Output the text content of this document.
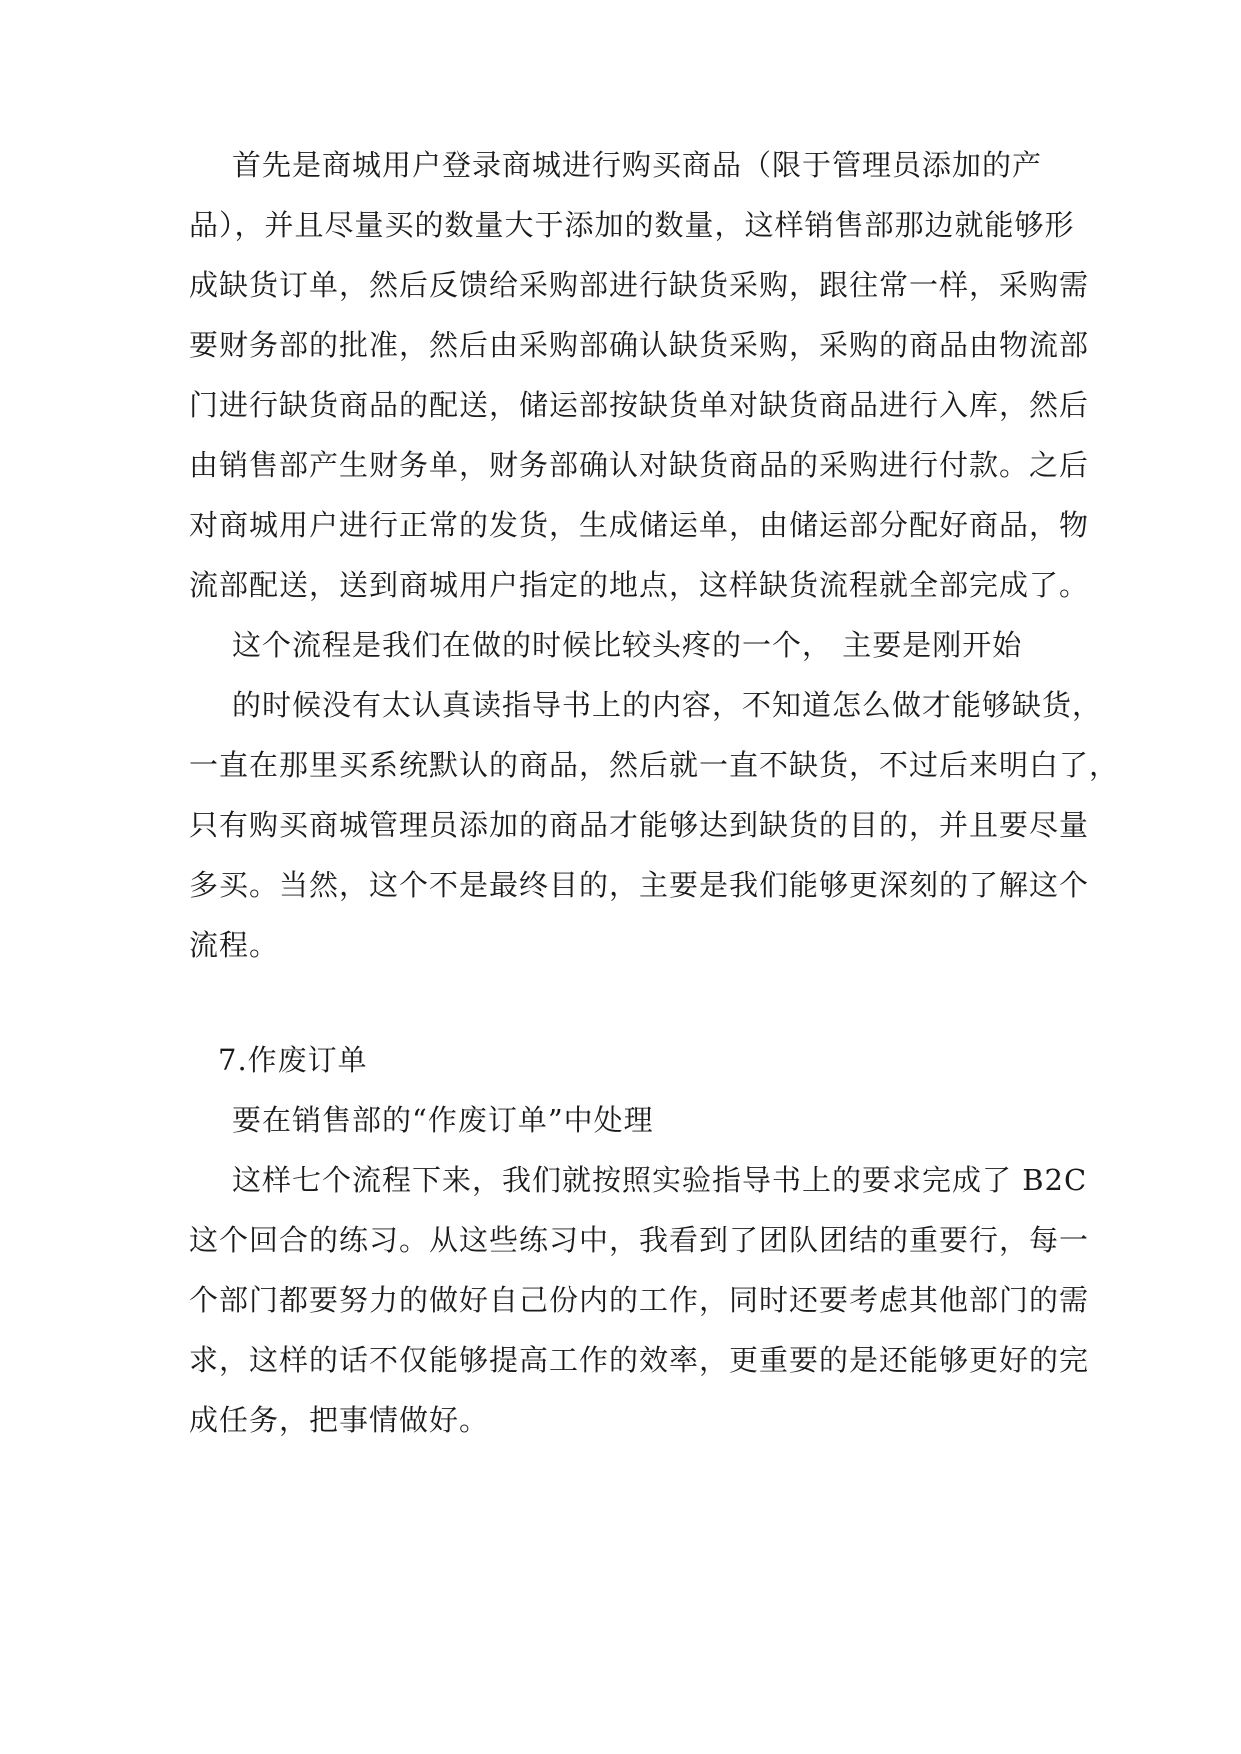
首先是商城用户登录商城进行购买商品（限于管理员添加的产
品），并且尽量买的数量大于添加的数量，这样销售部那边就能够形
成缺货订单，然后反馈给采购部进行缺货采购，跟往常一样，采购需
要财务部的批准，然后由采购部确认缺货采购，采购的商品由物流部
门进行缺货商品的配送，储运部按缺货单对缺货商品进行入库，然后
由销售部产生财务单，财务部确认对缺货商品的采购进行付款。之后
对商城用户进行正常的发货，生成储运单，由储运部分配好商品，物
流部配送，送到商城用户指定的地点，这样缺货流程就全部完成了。
这个流程是我们在做的时候比较头疼的一个， 主要是刚开始
的时候没有太认真读指导书上的内容，不知道怎么做才能够缺货，
一直在那里买系统默认的商品，然后就一直不缺货，不过后来明白了，
只有购买商城管理员添加的商品才能够达到缺货的目的，并且要尽量
多买。当然，这个不是最终目的，主要是我们能够更深刻的了解这个
流程。
7.作废订单
要在销售部的“作废订单”中处理
这样七个流程下来，我们就按照实验指导书上的要求完成了 B2C
这个回合的练习。从这些练习中，我看到了团队团结的重要行，每一
个部门都要努力的做好自己份内的工作，同时还要考虑其他部门的需
求，这样的话不仅能够提高工作的效率，更重要的是还能够更好的完
成任务，把事情做好。
